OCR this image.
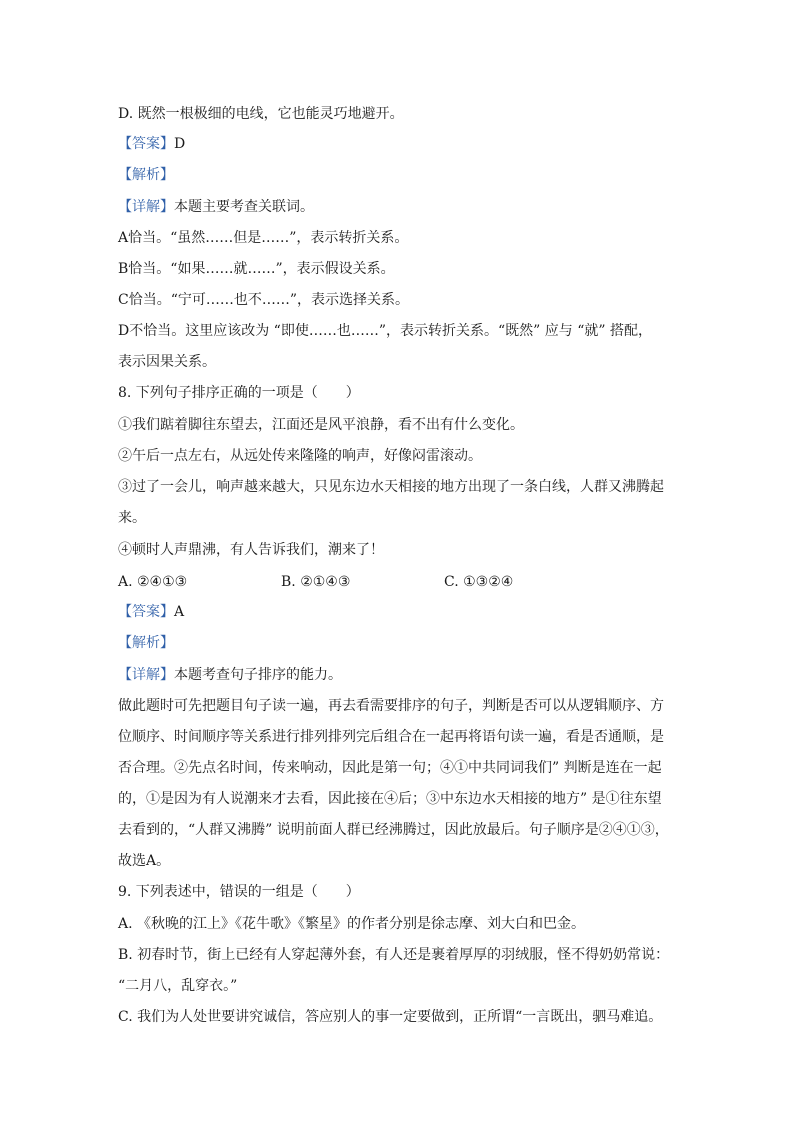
D. 既然一根极细的电线，它也能灵巧地避开。
【答案】D
【解析】
【详解】本题主要考查关联词。
A恰当。“虽然……但是……”，表示转折关系。
B恰当。“如果……就……”，表示假设关系。
C恰当。“宁可……也不……”，表示选择关系。
D不恰当。这里应该改为 “即使……也……”，表示转折关系。“既然” 应与 “就” 搭配，
表示因果关系。
8. 下列句子排序正确的一项是（　　）
①我们踮着脚往东望去，江面还是风平浪静，看不出有什么变化。
②午后一点左右，从远处传来隆隆的响声，好像闷雷滚动。
③过了一会儿，响声越来越大，只见东边水天相接的地方出现了一条白线，人群又沸腾起
来。
④顿时人声鼎沸，有人告诉我们，潮来了！
A. ②④①③	B. ②①④③	C. ①③②④
【答案】A
【解析】
【详解】本题考查句子排序的能力。
做此题时可先把题目句子读一遍，再去看需要排序的句子，判断是否可以从逻辑顺序、方
位顺序、时间顺序等关系进行排列排列完后组合在一起再将语句读一遍，看是否通顺，是
否合理。②先点名时间，传来响动，因此是第一句；④①中共同词我们” 判断是连在一起
的，①是因为有人说潮来才去看，因此接在④后；③中东边水天相接的地方” 是①往东望
去看到的，“人群又沸腾” 说明前面人群已经沸腾过，因此放最后。句子顺序是②④①③，
故选A。
9. 下列表述中，错误的一组是（　　）
A. 《秋晚的江上》《花牛歌》《繁星》的作者分别是徐志摩、刘大白和巴金。
B. 初春时节，街上已经有人穿起薄外套，有人还是裹着厚厚的羽绒服，怪不得奶奶常说：
“二月八，乱穿衣。”
C. 我们为人处世要讲究诚信，答应别人的事一定要做到，正所谓“一言既出，驷马难追。
